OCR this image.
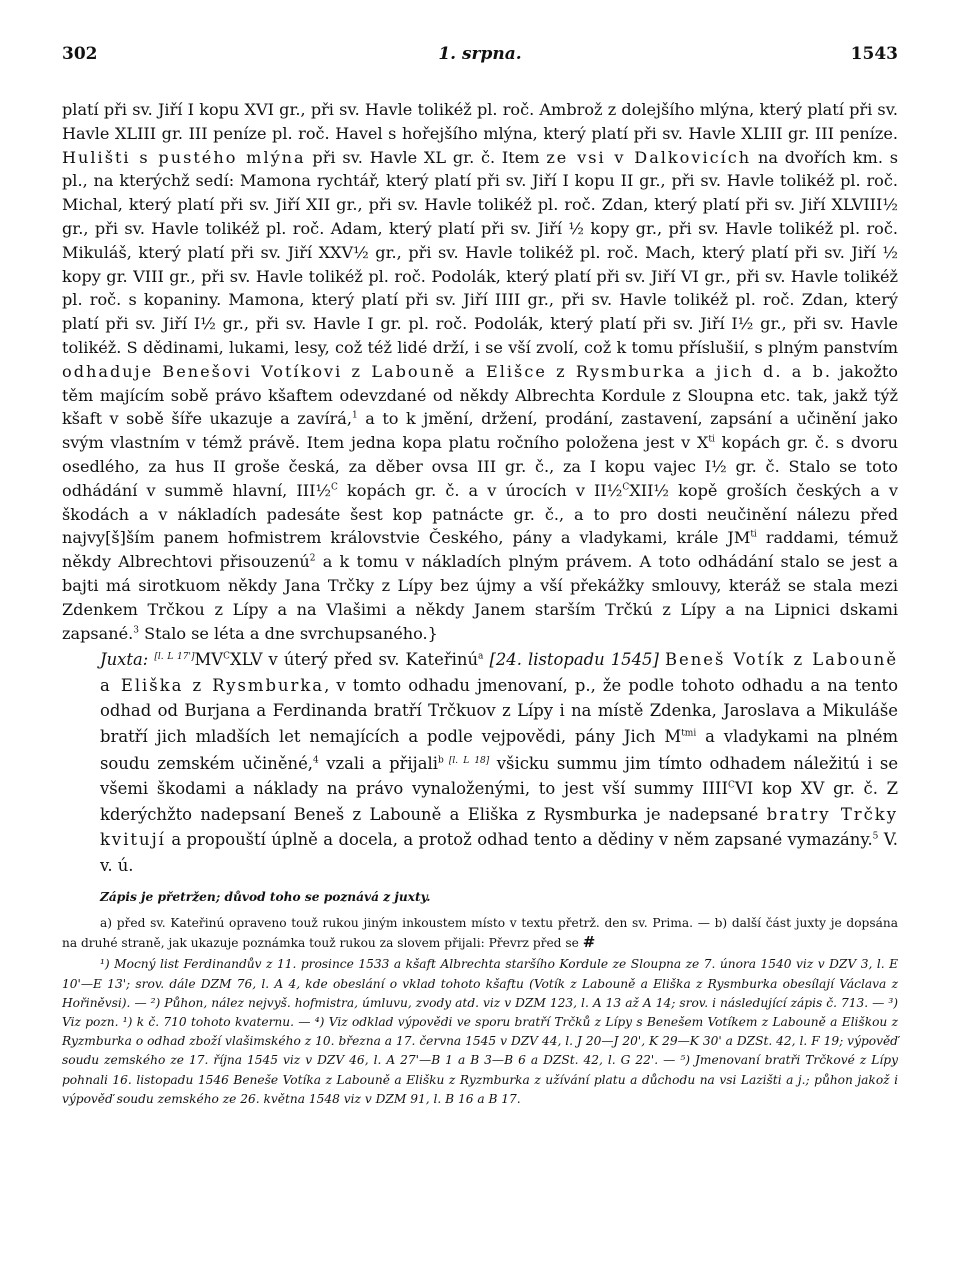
302	1. srpna.	1543
platí při sv. Jiří I kopu XVI gr., při sv. Havle tolikéž pl. roč. Ambrož z dolejšího mlýna, který platí při sv. Havle XLIII gr. III peníze pl. roč. Havel s hořejšího mlýna, který platí při sv. Havle XLIII gr. III peníze. Hulišti s pustého mlýna při sv. Havle XL gr. č. Item ze vsi v Dalkovicích na dvořích km. s pl., na kterýchž sedí: Mamona rychtář, který platí při sv. Jiří I kopu II gr., při sv. Havle tolikéž pl. roč. Michal, který platí při sv. Jiří XII gr., při sv. Havle tolikéž pl. roč. Zdan, který platí při sv. Jiří XLVIII½ gr., při sv. Havle tolikéž pl. roč. Adam, který platí při sv. Jiří ½ kopy gr., při sv. Havle tolikéž pl. roč. Mikuláš, který platí při sv. Jiří XXV½ gr., při sv. Havle tolikéž pl. roč. Mach, který platí při sv. Jiří ½ kopy gr. VIII gr., při sv. Havle tolikéž pl. roč. Podolák, který platí při sv. Jiří VI gr., při sv. Havle tolikéž pl. roč. s kopaniny. Mamona, který platí při sv. Jiří IIII gr., při sv. Havle tolikéž pl. roč. Zdan, který platí při sv. Jiří I½ gr., při sv. Havle I gr. pl. roč. Podolák, který platí při sv. Jiří I½ gr., při sv. Havle tolikéž. S dědinami, lukami, lesy, což též lidé drží, i se vší zvolí, což k tomu příslušií, s plným panstvím odhaduje Benešovi Votíkovi z Labouně a Elišce z Rysmburka a jich d. a b. jakožto těm majícím sobě právo kšaftem odevzdané od někdy Albrechta Kordule z Sloupna etc. tak, jakž týž kšaft v sobě šíře ukazuje a zavírá,$^1$ a to k jmění, držení, prodání, zastavení, zapsání a učinění jako svým vlastním v témž právě. Item jedna kopa platu ročního položena jest v $X^{ti}$ kopách gr. č. s dvoru osedlého, za hus II groše česká, za děber ovsa III gr. č., za I kopu vajec I½ gr. č. Stalo se toto odhádání v summě hlavní, III½$^C$ kopách gr. č. a v úrocích v II½$^C$XII½ kopě groších českých a v škodách a v nákladích padesáte šest kop patnácte gr. č., a to pro dosti neučinění nálezu před najvy[š]ším panem hofmistrem královstvie Českého, pány a vladykami, krále $JM^{ti}$ raddami, témuž někdy Albrechtovi přisouzenú$^2$ a k tomu v nákladích plným právem. A toto odhádání stalo se jest a bajti má sirotkuom někdy Jana Trčky z Lípy bez újmy a vší překážky smlouvy, kteráž se stala mezi Zdenkem Trčkou z Lípy a na Vlašimi a někdy Janem starším Trčkú z Lípy a na Lipnici dskami zapsané.$^3$ Stalo se léta a dne svrchupsaného.}
Juxta: $[l. L 17']MV^CXLV$ v úterý před sv. Kateřinú$^a$ [24. listopadu 1545] Beneš Votík z Labouně a Eliška z Rysmburka, v tomto odhadu jmenovaní, p., že podle tohoto odhadu a na tento odhad od Burjana a Ferdinanda bratří Trčkuov z Lípy i na místě Zdenka, Jaroslava a Mikuláše bratří jich mladších let nemajících a podle vejpovědi, pány Jich $M^{tmi}$ a vladykami na plném soudu zemském učiněné,$^4$ vzali a přijali$^b$ [l. L 18] všicku summu jim tímto odhadem náležitú i se všemi škodami a náklady na právo vynaloženými, to jest vší summy $IIII^CVI$ kop XV gr. č. Z kderýchžto nadepsaní Beneš z Labouně a Eliška z Rysmburka je nadepsané bratry Trčky kvitují a propouští úplně a docela, a protož odhad tento a dědiny v něm zapsané vymazány.$^5$ V. v. ú.
Zápis je přetržen; důvod toho se poznává z juxty.

a) před sv. Kateřinú opraveno touž rukou jiným inkoustem místo v textu přetrž. den sv. Prima. — b) další část juxty je dopsána na druhé straně, jak ukazuje poznámka touž rukou za slovem přijali: Převrz před se #

¹) Mocný list Ferdinandův z 11. prosince 1533 a kšaft Albrechta staršího Kordule ze Sloupna ze 7. února 1540 viz v DZV 3, l. E 10'—E 13'; srov. dále DZM 76, l. A 4, kde obeslání o vklad tohoto kšaftu (Votík z Labouně a Eliška z Rysmburka obesílají Václava z Hořiněvsi). — ²) Půhon, nález nejvyš. hofmistra, úmluvu, zvody atd. viz v DZM 123, l. A 13 až A 14; srov. i následující zápis č. 713. — ³) Viz pozn. ¹) k č. 710 tohoto kvaternu. — ⁴) Viz odklad výpovědi ve sporu bratří Trčků z Lípy s Benešem Votíkem z Labouně a Eliškou z Ryzmburka o odhad zboží vlašimského z 10. března a 17. června 1545 v DZV 44, l. J 20—J 20', K 29—K 30' a DZSt. 42, l. F 19; výpověď soudu zemského ze 17. října 1545 viz v DZV 46, l. A 27'—B 1 a B 3—B 6 a DZSt. 42, l. G 22'. — ⁵) Jmenovaní bratři Trčkové z Lípy pohnali 16. listopadu 1546 Beneše Votíka z Labouně a Elišku z Ryzmburka z užívání platu a důchodu na vsi Lazišti a j.; půhon jakož i výpověď soudu zemského ze 26. května 1548 viz v DZM 91, l. B 16 a B 17.
